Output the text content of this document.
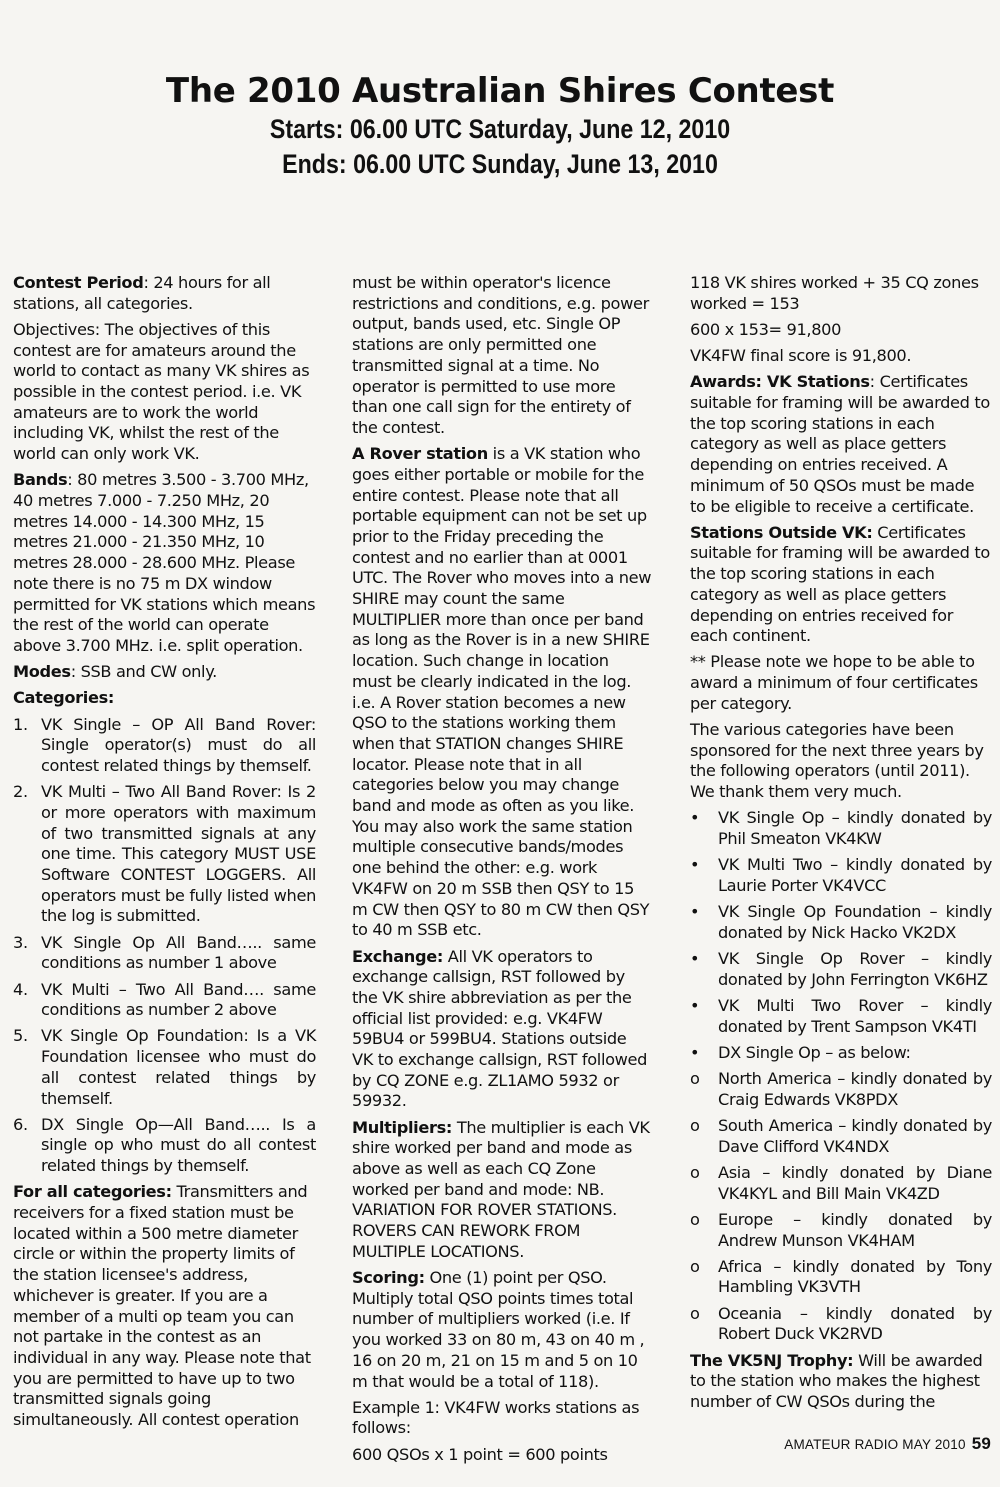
The 2010 Australian Shires Contest

Starts: 06.00 UTC Saturday, June 12, 2010

Ends: 06.00 UTC Sunday, June 13, 2010

Contest Period: 24 hours for all stations, all categories.

Objectives: The objectives of this contest are for amateurs around the world to contact as many VK shires as possible in the contest period. i.e. VK amateurs are to work the world including VK, whilst the rest of the world can only work VK.

Bands: 80 metres 3.500 - 3.700 MHz, 40 metres 7.000 - 7.250 MHz, 20 metres 14.000 - 14.300 MHz, 15 metres 21.000 - 21.350 MHz, 10 metres 28.000 - 28.600 MHz. Please note there is no 75 m DX window permitted for VK stations which means the rest of the world can operate above 3.700 MHz. i.e. split operation.

Modes: SSB and CW only.

Categories:

1. VK Single – OP All Band Rover: Single operator(s) must do all contest related things by themself.
2. VK Multi – Two All Band Rover: Is 2 or more operators with maximum of two transmitted signals at any one time. This category MUST USE Software CONTEST LOGGERS. All operators must be fully listed when the log is submitted.
3. VK Single Op All Band….. same conditions as number 1 above
4. VK Multi – Two All Band…. same conditions as number 2 above
5. VK Single Op Foundation: Is a VK Foundation licensee who must do all contest related things by themself.
6. DX Single Op—All Band….. Is a single op who must do all contest related things by themself.

For all categories: Transmitters and receivers for a fixed station must be located within a 500 metre diameter circle or within the property limits of the station licensee's address, whichever is greater. If you are a member of a multi op team you can not partake in the contest as an individual in any way. Please note that you are permitted to have up to two transmitted signals going simultaneously. All contest operation

must be within operator's licence restrictions and conditions, e.g. power output, bands used, etc. Single OP stations are only permitted one transmitted signal at a time. No operator is permitted to use more than one call sign for the entirety of the contest.

A Rover station is a VK station who goes either portable or mobile for the entire contest. Please note that all portable equipment can not be set up prior to the Friday preceding the contest and no earlier than at 0001 UTC. The Rover who moves into a new SHIRE may count the same MULTIPLIER more than once per band as long as the Rover is in a new SHIRE location. Such change in location must be clearly indicated in the log. i.e. A Rover station becomes a new QSO to the stations working them when that STATION changes SHIRE locator. Please note that in all categories below you may change band and mode as often as you like. You may also work the same station multiple consecutive bands/modes one behind the other: e.g. work VK4FW on 20 m SSB then QSY to 15 m CW then QSY to 80 m CW then QSY to 40 m SSB etc.

Exchange: All VK operators to exchange callsign, RST followed by the VK shire abbreviation as per the official list provided: e.g. VK4FW 59BU4 or 599BU4. Stations outside VK to exchange callsign, RST followed by CQ ZONE e.g. ZL1AMO 5932 or 59932.

Multipliers: The multiplier is each VK shire worked per band and mode as above as well as each CQ Zone worked per band and mode: NB. VARIATION FOR ROVER STATIONS. ROVERS CAN REWORK FROM MULTIPLE LOCATIONS.

Scoring: One (1) point per QSO. Multiply total QSO points times total number of multipliers worked (i.e. If you worked 33 on 80 m, 43 on 40 m , 16 on 20 m, 21 on 15 m and 5 on 10 m that would be a total of 118).

Example 1: VK4FW works stations as follows:

600 QSOs x 1 point = 600 points

118 VK shires worked + 35 CQ zones worked = 153

600 x 153= 91,800

VK4FW final score is 91,800.

Awards: VK Stations: Certificates suitable for framing will be awarded to the top scoring stations in each category as well as place getters depending on entries received. A minimum of 50 QSOs must be made to be eligible to receive a certificate.

Stations Outside VK: Certificates suitable for framing will be awarded to the top scoring stations in each category as well as place getters depending on entries received for each continent.

** Please note we hope to be able to award a minimum of four certificates per category.

The various categories have been sponsored for the next three years by the following operators (until 2011). We thank them very much.

•	VK Single Op – kindly donated by Phil Smeaton VK4KW
•	VK Multi Two – kindly donated by Laurie Porter VK4VCC
•	VK Single Op Foundation – kindly donated by Nick Hacko VK2DX
•	VK Single Op Rover – kindly donated by John Ferrington VK6HZ
•	VK Multi Two Rover – kindly donated by Trent Sampson VK4TI
•	DX Single Op – as below:
o	North America – kindly donated by Craig Edwards VK8PDX
o	South America – kindly donated by Dave Clifford VK4NDX
o	Asia – kindly donated by Diane VK4KYL and Bill Main VK4ZD
o	Europe – kindly donated by Andrew Munson VK4HAM
o	Africa – kindly donated by Tony Hambling VK3VTH
o	Oceania – kindly donated by Robert Duck VK2RVD

The VK5NJ Trophy: Will be awarded to the station who makes the highest number of CW QSOs during the

AMATEUR RADIO MAY 2010 59
